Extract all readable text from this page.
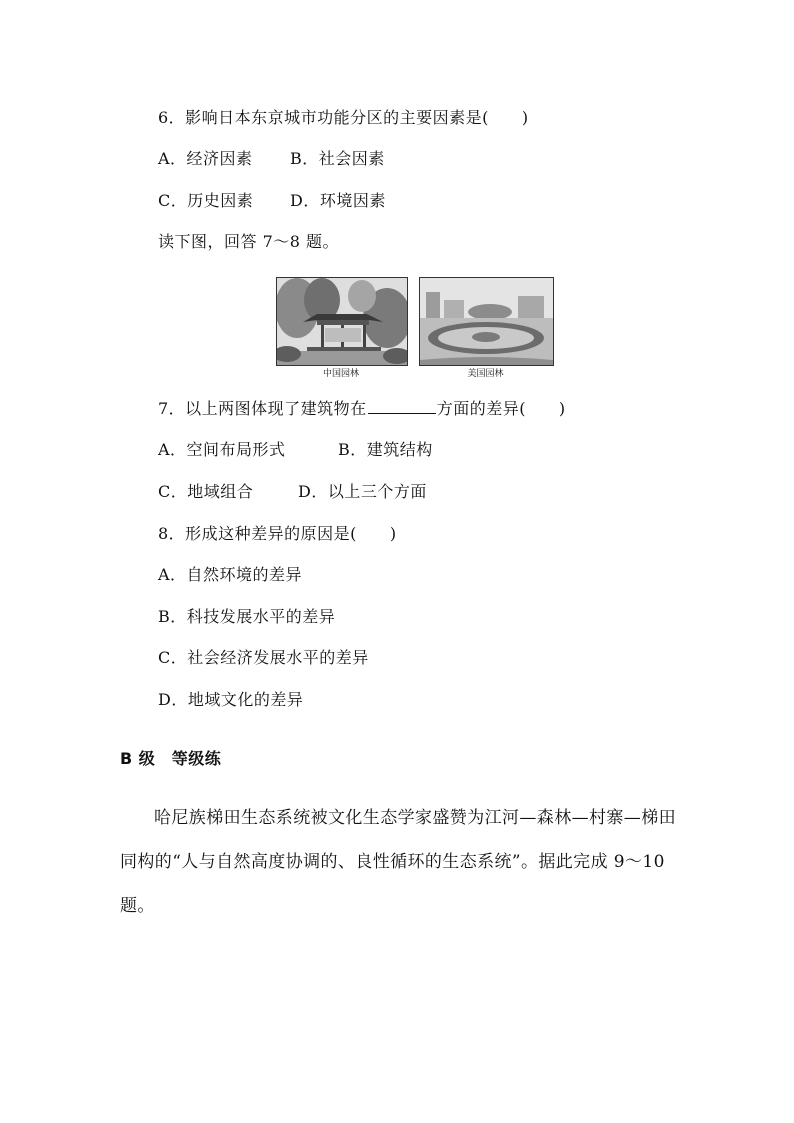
6．影响日本东京城市功能分区的主要因素是(　　)
A．经济因素 B．社会因素
C．历史因素 D．环境因素
读下图，回答 7～8 题。
中国园林	美国园林
7．以上两图体现了建筑物在	方面的差异(　　)
A．空间布局形式	B．建筑结构
C．地域组合	D．以上三个方面
8．形成这种差异的原因是(　　)
A．自然环境的差异
B．科技发展水平的差异
C．社会经济发展水平的差异
D．地域文化的差异
B 级　等级练
哈尼族梯田生态系统被文化生态学家盛赞为江河—森林—村寨—梯田同构的“人与自然高度协调的、良性循环的生态系统”。据此完成 9～10 题。
